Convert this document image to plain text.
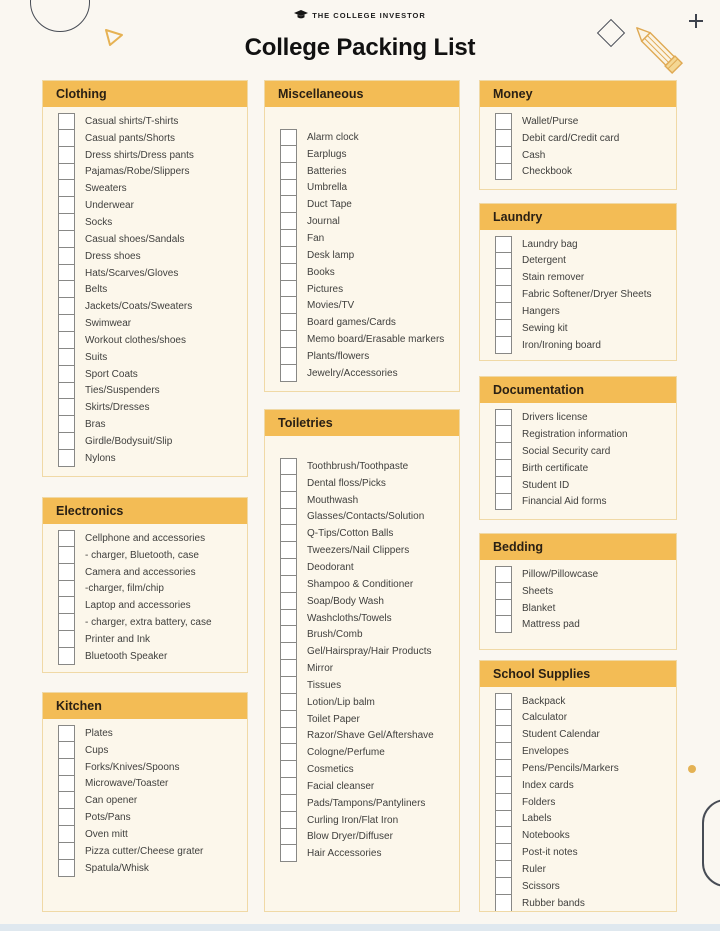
THE COLLEGE INVESTOR
College Packing List
Clothing
Casual shirts/T-shirts
Casual pants/Shorts
Dress shirts/Dress pants
Pajamas/Robe/Slippers
Sweaters
Underwear
Socks
Casual shoes/Sandals
Dress shoes
Hats/Scarves/Gloves
Belts
Jackets/Coats/Sweaters
Swimwear
Workout clothes/shoes
Suits
Sport Coats
Ties/Suspenders
Skirts/Dresses
Bras
Girdle/Bodysuit/Slip
Nylons
Electronics
Cellphone and accessories
- charger, Bluetooth, case
Camera and accessories
-charger, film/chip
Laptop and accessories
- charger, extra battery, case
Printer and Ink
Bluetooth Speaker
Kitchen
Plates
Cups
Forks/Knives/Spoons
Microwave/Toaster
Can opener
Pots/Pans
Oven mitt
Pizza cutter/Cheese grater
Spatula/Whisk
Miscellaneous
Alarm clock
Earplugs
Batteries
Umbrella
Duct Tape
Journal
Fan
Desk lamp
Books
Pictures
Movies/TV
Board games/Cards
Memo board/Erasable markers
Plants/flowers
Jewelry/Accessories
Toiletries
Toothbrush/Toothpaste
Dental floss/Picks
Mouthwash
Glasses/Contacts/Solution
Q-Tips/Cotton Balls
Tweezers/Nail Clippers
Deodorant
Shampoo & Conditioner
Soap/Body Wash
Washcloths/Towels
Brush/Comb
Gel/Hairspray/Hair Products
Mirror
Tissues
Lotion/Lip balm
Toilet Paper
Razor/Shave Gel/Aftershave
Cologne/Perfume
Cosmetics
Facial cleanser
Pads/Tampons/Pantyliners
Curling Iron/Flat Iron
Blow Dryer/Diffuser
Hair Accessories
Money
Wallet/Purse
Debit card/Credit card
Cash
Checkbook
Laundry
Laundry bag
Detergent
Stain remover
Fabric Softener/Dryer Sheets
Hangers
Sewing kit
Iron/Ironing board
Documentation
Drivers license
Registration information
Social Security card
Birth certificate
Student ID
Financial Aid forms
Bedding
Pillow/Pillowcase
Sheets
Blanket
Mattress pad
School Supplies
Backpack
Calculator
Student Calendar
Envelopes
Pens/Pencils/Markers
Index cards
Folders
Labels
Notebooks
Post-it notes
Ruler
Scissors
Rubber bands
